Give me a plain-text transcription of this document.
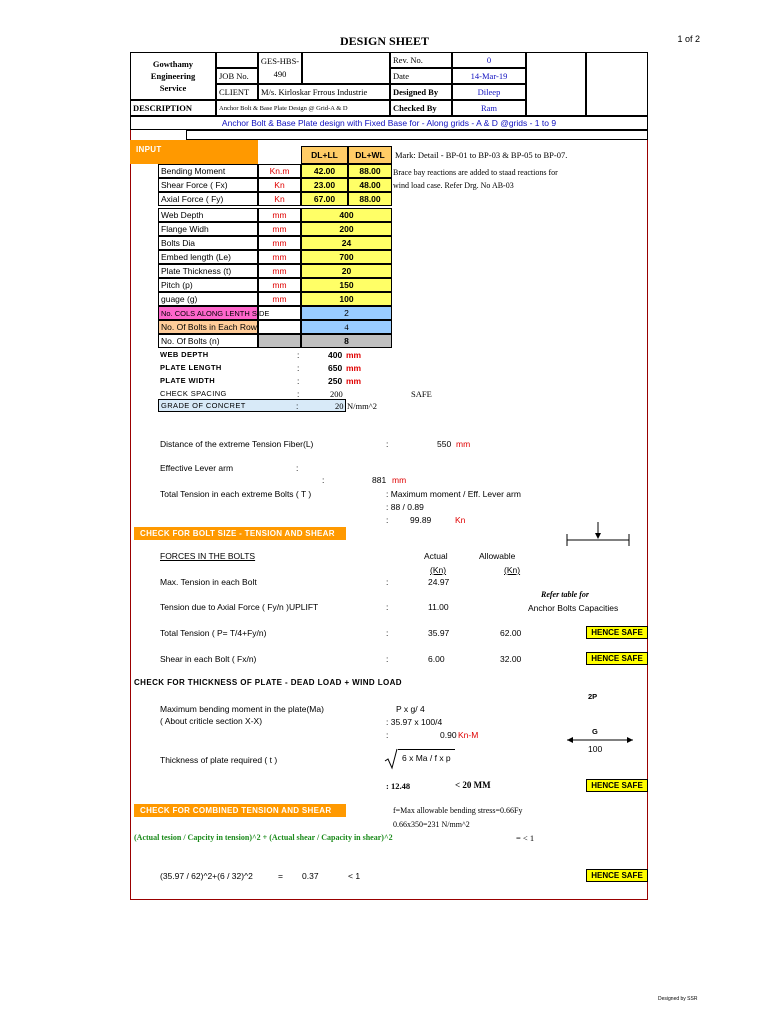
1 of 2
DESIGN SHEET
Gowthamy
Engineering
Service
JOB No.
GES-HBS-
490
CLIENT	M/s. Kirloskar Frrous Industrie
DESCRIPTION	Anchor Bolt & Base Plate Design @ Grid-A & D
Rev. No.	0
Date	14-Mar-19
Designed By	Dileep
Checked By	Ram
Anchor Bolt & Base Plate design with Fixed Base for - Along grids - A & D @grids - 1 to 9
INPUT
DL+LL	DL+WL	Mark: Detail - BP-01 to BP-03 & BP-05 to BP-07.
Brace bay reactions are added to staad reactions for
wind load case. Refer Drg. No AB-03
Bending Moment	Kn.m	42.00	88.00
Shear Force ( Fx)	Kn	23.00	48.00
Axial Force ( Fy)	Kn	67.00	88.00
Web Depth	mm	400
Flange Widh	mm	200
Bolts Dia	mm	24
Embed length (Le)	mm	700
Plate Thickness (t)	mm	20
Pitch (p)	mm	150
guage (g)	mm	100
No. COLS ALONG LENTH SIDE	2
No. Of Bolts in Each Row	4
No. Of Bolts (n)	8
WEB DEPTH	:	400 mm
PLATE LENGTH	:	650 mm
PLATE WIDTH	:	250 mm
CHECK SPACING	:	200	SAFE
GRADE OF CONCRET	:	20 N/mm^2
Distance of the extreme Tension Fiber(L)	:	550 mm
Effective Lever arm	:
:	881 mm
Total Tension in each extreme Bolts ( T )	: Maximum moment / Eff. Lever arm
: 88 / 0.89
:	99.89	Kn
CHECK FOR BOLT SIZE - TENSION AND SHEAR
FORCES IN THE BOLTS	Actual	Allowable
(Kn)	(Kn)
Refer table for
Anchor Bolts Capacities
Max. Tension in each Bolt	:	24.97
Tension due to Axial Force ( Fy/n )UPLIFT	:	11.00
Total Tension ( P= T/4+Fy/n)	:	35.97	62.00	HENCE SAFE
Shear in each Bolt ( Fx/n)	:	6.00	32.00	HENCE SAFE
CHECK FOR THICKNESS OF PLATE - DEAD LOAD + WIND LOAD
2P
Maximum bending moment in the plate(Ma)	P x g/ 4
( About criticle section X-X)	: 35.97 x 100/4
:	0.90 Kn-M	G
100
Thickness of plate required ( t )	6 x Ma / f x p
: 12.48	< 20 MM	HENCE SAFE
CHECK FOR COMBINED TENSION AND SHEAR	f=Max allowable bending stress=0.66Fy
0.66x350=231 N/mm^2
(Actual tesion / Capcity in tension)^2 + (Actual shear / Capacity in shear)^2	= < 1
(35.97 / 62)^2+(6 / 32)^2	= 0.37	< 1	HENCE SAFE
Designed by SSR
